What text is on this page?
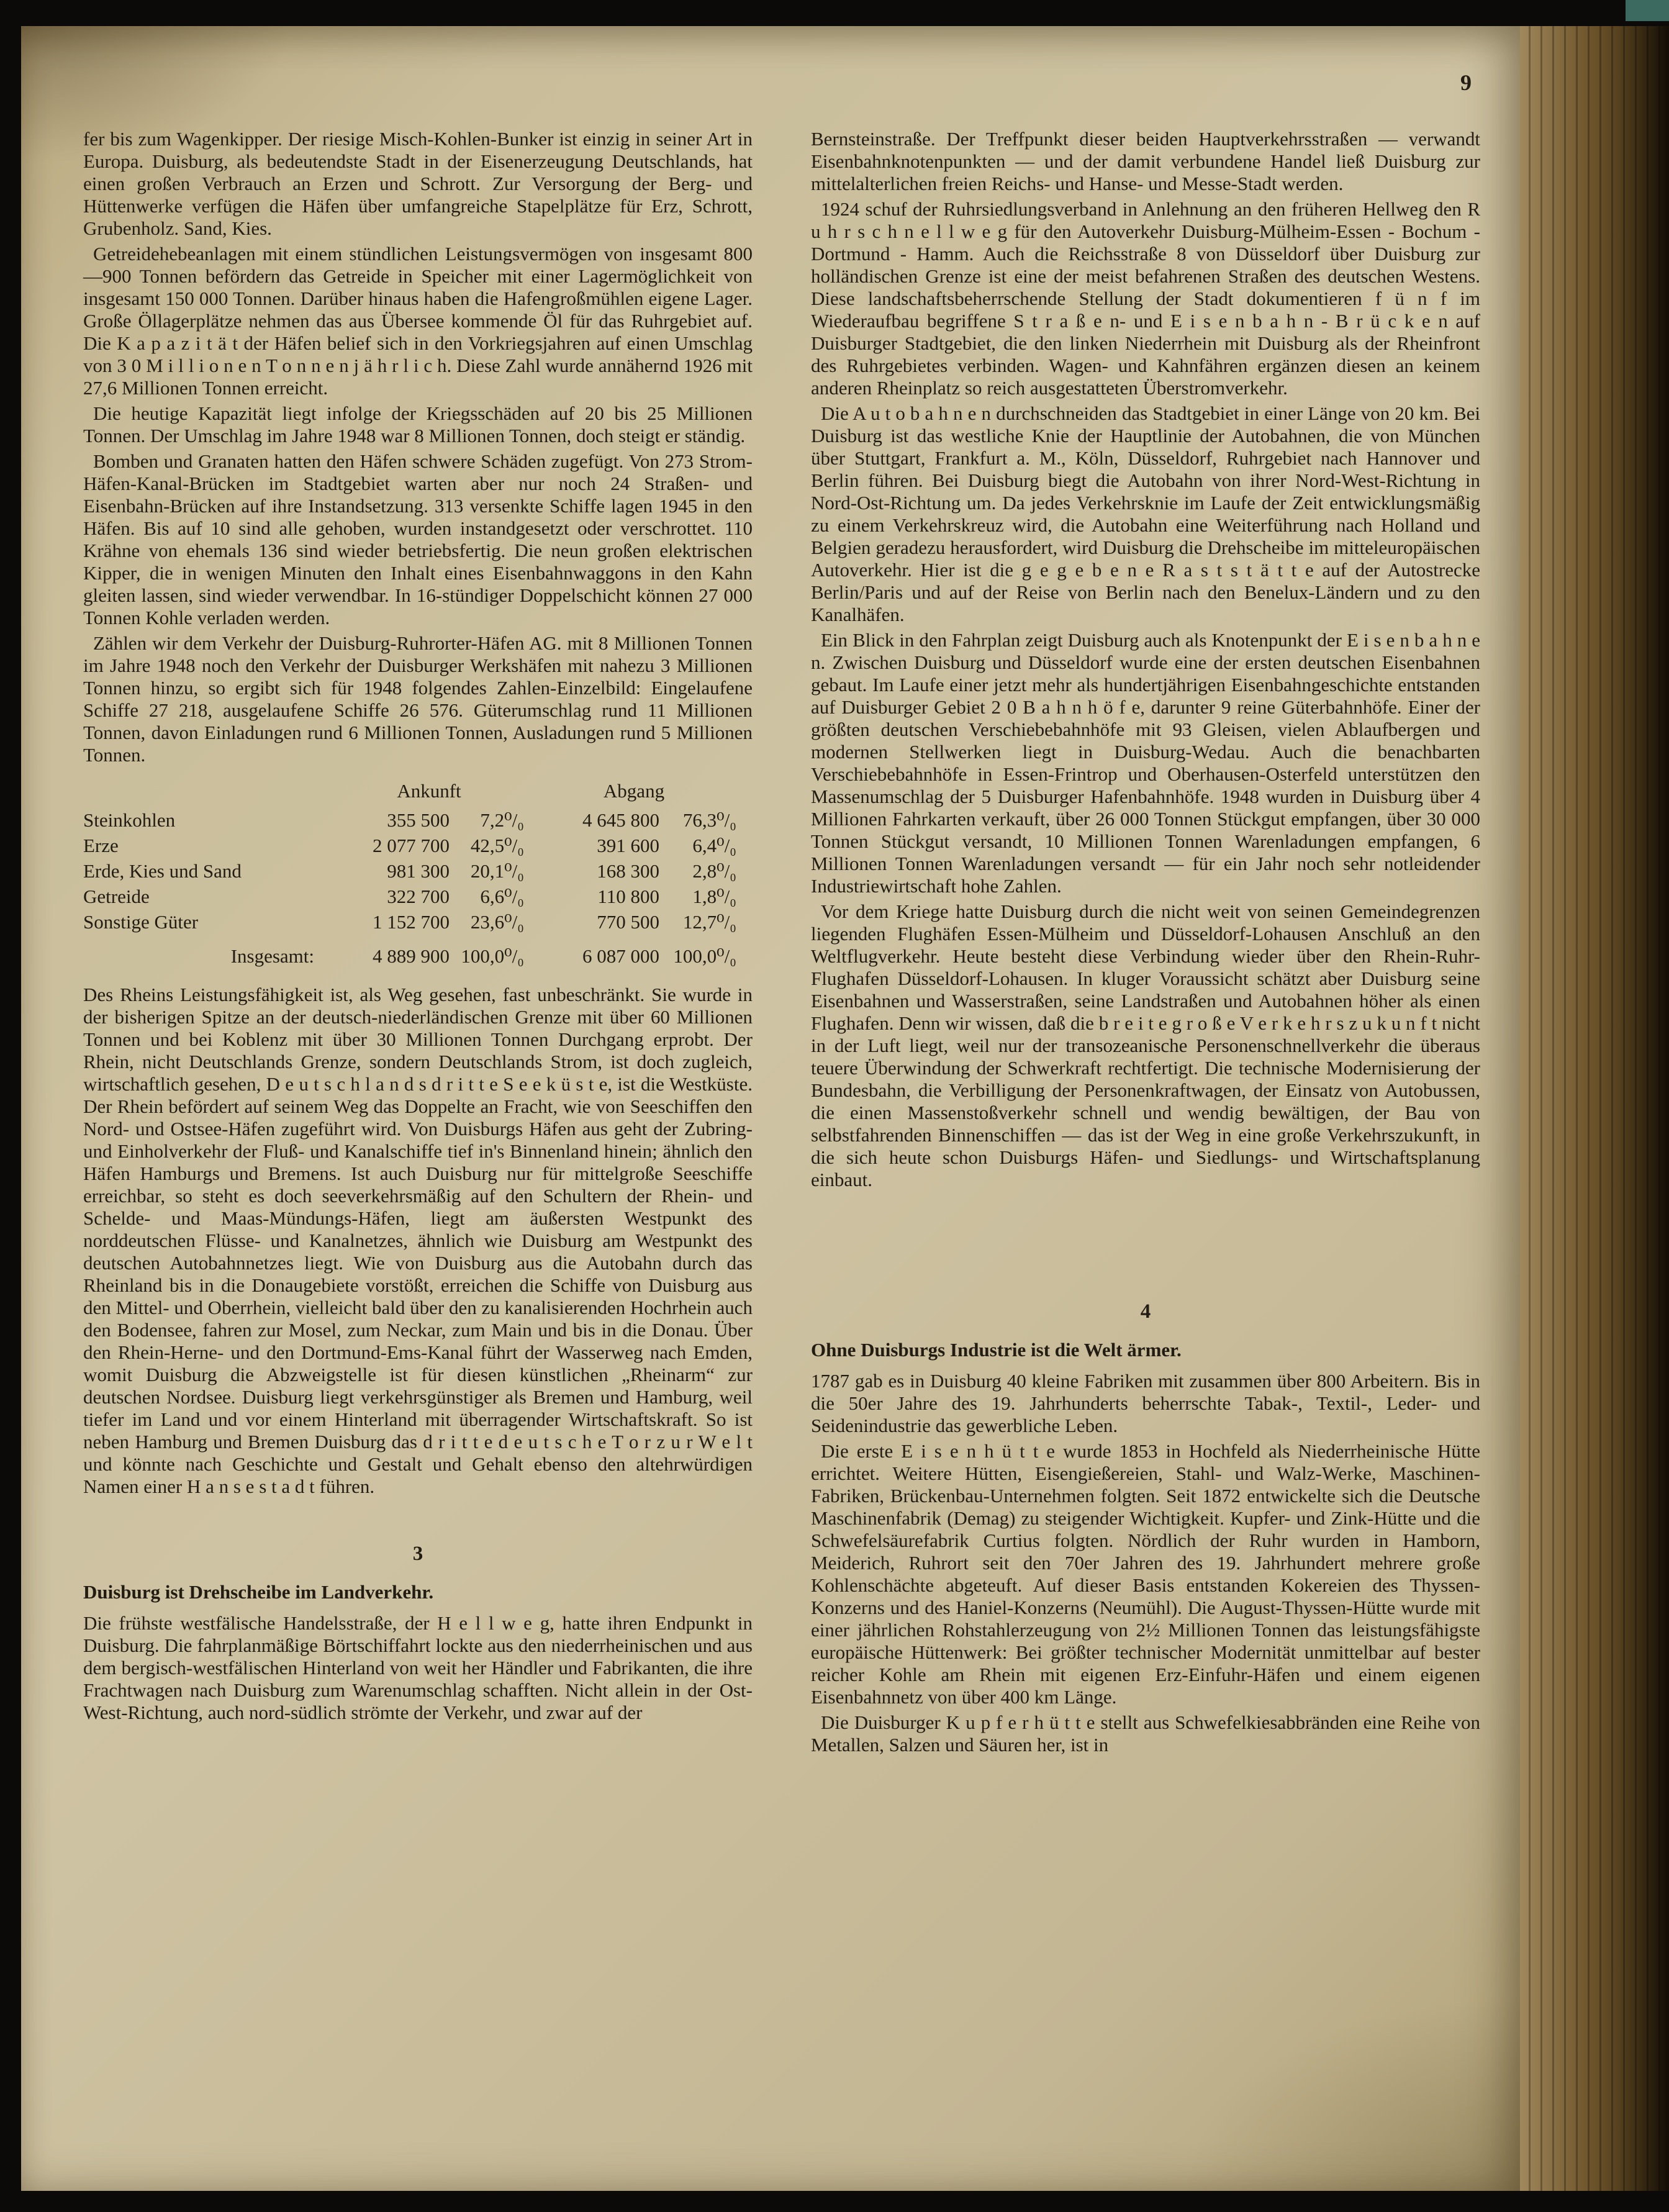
9

fer bis zum Wagenkipper. Der riesige Misch-Kohlen-Bunker ist einzig in seiner Art in Europa. Duisburg, als bedeutendste Stadt in der Eisenerzeugung Deutschlands, hat einen großen Verbrauch an Erzen und Schrott. Zur Versorgung der Berg- und Hüttenwerke verfügen die Häfen über umfangreiche Stapelplätze für Erz, Schrott, Grubenholz. Sand, Kies.

Getreidehebeanlagen mit einem stündlichen Leistungsvermögen von insgesamt 800—900 Tonnen befördern das Getreide in Speicher mit einer Lagermöglichkeit von insgesamt 150 000 Tonnen. Darüber hinaus haben die Hafengroßmühlen eigene Lager. Große Öllagerplätze nehmen das aus Übersee kommende Öl für das Ruhrgebiet auf. Die K a p a z i t ä t der Häfen belief sich in den Vorkriegsjahren auf einen Umschlag von 3 0 M i l l i o n e n T o n n e n j ä h r l i c h. Diese Zahl wurde annähernd 1926 mit 27,6 Millionen Tonnen erreicht.

Die heutige Kapazität liegt infolge der Kriegsschäden auf 20 bis 25 Millionen Tonnen. Der Umschlag im Jahre 1948 war 8 Millionen Tonnen, doch steigt er ständig.

Bomben und Granaten hatten den Häfen schwere Schäden zugefügt. Von 273 Strom-Häfen-Kanal-Brücken im Stadtgebiet warten aber nur noch 24 Straßen- und Eisenbahn-Brücken auf ihre Instandsetzung. 313 versenkte Schiffe lagen 1945 in den Häfen. Bis auf 10 sind alle gehoben, wurden instandgesetzt oder verschrottet. 110 Krähne von ehemals 136 sind wieder betriebsfertig. Die neun großen elektrischen Kipper, die in wenigen Minuten den Inhalt eines Eisenbahnwaggons in den Kahn gleiten lassen, sind wieder verwendbar. In 16-stündiger Doppelschicht können 27 000 Tonnen Kohle verladen werden.

Zählen wir dem Verkehr der Duisburg-Ruhrorter-Häfen AG. mit 8 Millionen Tonnen im Jahre 1948 noch den Verkehr der Duisburger Werkshäfen mit nahezu 3 Millionen Tonnen hinzu, so ergibt sich für 1948 folgendes Zahlen-Einzelbild: Eingelaufene Schiffe 27 218, ausgelaufene Schiffe 26 576. Güterumschlag rund 11 Millionen Tonnen, davon Einladungen rund 6 Millionen Tonnen, Ausladungen rund 5 Millionen Tonnen.

Ankunft	Abgang
Steinkohlen	355 500	7,2⁰/₀	4 645 800	76,3⁰/₀
Erze	2 077 700	42,5⁰/₀	391 600	6,4⁰/₀
Erde, Kies und Sand	981 300	20,1⁰/₀	168 300	2,8⁰/₀
Getreide	322 700	6,6⁰/₀	110 800	1,8⁰/₀
Sonstige Güter	1 152 700	23,6⁰/₀	770 500	12,7⁰/₀
Insgesamt:	4 889 900 100,0⁰/₀	6 087 000 100,0⁰/₀

Des Rheins Leistungsfähigkeit ist, als Weg gesehen, fast unbeschränkt. Sie wurde in der bisherigen Spitze an der deutsch-niederländischen Grenze mit über 60 Millionen Tonnen und bei Koblenz mit über 30 Millionen Tonnen Durchgang erprobt. Der Rhein, nicht Deutschlands Grenze, sondern Deutschlands Strom, ist doch zugleich, wirtschaftlich gesehen, D e u t s c h l a n d s d r i t t e S e e k ü s t e, ist die Westküste. Der Rhein befördert auf seinem Weg das Doppelte an Fracht, wie von Seeschiffen den Nord- und Ostsee-Häfen zugeführt wird. Von Duisburgs Häfen aus geht der Zubring- und Einholverkehr der Fluß- und Kanalschiffe tief in's Binnenland hinein; ähnlich den Häfen Hamburgs und Bremens. Ist auch Duisburg nur für mittelgroße Seeschiffe erreichbar, so steht es doch seeverkehrsmäßig auf den Schultern der Rhein- und Schelde- und Maas-Mündungs-Häfen, liegt am äußersten Westpunkt des norddeutschen Flüsse- und Kanalnetzes, ähnlich wie Duisburg am Westpunkt des deutschen Autobahnnetzes liegt. Wie von Duisburg aus die Autobahn durch das Rheinland bis in die Donaugebiete vorstößt, erreichen die Schiffe von Duisburg aus den Mittel- und Oberrhein, vielleicht bald über den zu kanalisierenden Hochrhein auch den Bodensee, fahren zur Mosel, zum Neckar, zum Main und bis in die Donau. Über den Rhein-Herne- und den Dortmund-Ems-Kanal führt der Wasserweg nach Emden, womit Duisburg die Abzweigstelle ist für diesen künstlichen „Rheinarm“ zur deutschen Nordsee. Duisburg liegt verkehrsgünstiger als Bremen und Hamburg, weil tiefer im Land und vor einem Hinterland mit überragender Wirtschaftskraft. So ist neben Hamburg und Bremen Duisburg das d r i t t e d e u t s c h e T o r z u r W e l t und könnte nach Geschichte und Gestalt und Gehalt ebenso den altehrwürdigen Namen einer H a n s e s t a d t führen.

3
Duisburg ist Drehscheibe im Landverkehr.

Die frühste westfälische Handelsstraße, der H e l l w e g, hatte ihren Endpunkt in Duisburg. Die fahrplanmäßige Börtschiffahrt lockte aus den niederrheinischen und aus dem bergisch-westfälischen Hinterland von weit her Händler und Fabrikanten, die ihre Frachtwagen nach Duisburg zum Warenumschlag schafften. Nicht allein in der Ost-West-Richtung, auch nord-südlich strömte der Verkehr, und zwar auf der

Bernsteinstraße. Der Treffpunkt dieser beiden Hauptverkehrsstraßen — verwandt Eisenbahnknotenpunkten — und der damit verbundene Handel ließ Duisburg zur mittelalterlichen freien Reichs- und Hanse- und Messe-Stadt werden.

1924 schuf der Ruhrsiedlungsverband in Anlehnung an den früheren Hellweg den R u h r s c h n e l l w e g für den Autoverkehr Duisburg-Mülheim-Essen - Bochum - Dortmund - Hamm. Auch die Reichsstraße 8 von Düsseldorf über Duisburg zur holländischen Grenze ist eine der meist befahrenen Straßen des deutschen Westens. Diese landschaftsbeherrschende Stellung der Stadt dokumentieren f ü n f im Wiederaufbau begriffene S t r a ß e n- und E i s e n b a h n - B r ü c k e n auf Duisburger Stadtgebiet, die den linken Niederrhein mit Duisburg als der Rheinfront des Ruhrgebietes verbinden. Wagen- und Kahnfähren ergänzen diesen an keinem anderen Rheinplatz so reich ausgestatteten Überstromverkehr.

Die A u t o b a h n e n durchschneiden das Stadtgebiet in einer Länge von 20 km. Bei Duisburg ist das westliche Knie der Hauptlinie der Autobahnen, die von München über Stuttgart, Frankfurt a. M., Köln, Düsseldorf, Ruhrgebiet nach Hannover und Berlin führen. Bei Duisburg biegt die Autobahn von ihrer Nord-West-Richtung in Nord-Ost-Richtung um. Da jedes Verkehrsknie im Laufe der Zeit entwicklungsmäßig zu einem Verkehrskreuz wird, die Autobahn eine Weiterführung nach Holland und Belgien geradezu herausfordert, wird Duisburg die Drehscheibe im mitteleuropäischen Autoverkehr. Hier ist die g e g e b e n e R a s t s t ä t t e auf der Autostrecke Berlin/Paris und auf der Reise von Berlin nach den Benelux-Ländern und zu den Kanalhäfen.

Ein Blick in den Fahrplan zeigt Duisburg auch als Knotenpunkt der E i s e n b a h n e n. Zwischen Duisburg und Düsseldorf wurde eine der ersten deutschen Eisenbahnen gebaut. Im Laufe einer jetzt mehr als hundertjährigen Eisenbahngeschichte entstanden auf Duisburger Gebiet 2 0 B a h n h ö f e, darunter 9 reine Güterbahnhöfe. Einer der größten deutschen Verschiebebahnhöfe mit 93 Gleisen, vielen Ablaufbergen und modernen Stellwerken liegt in Duisburg-Wedau. Auch die benachbarten Verschiebebahnhöfe in Essen-Frintrop und Oberhausen-Osterfeld unterstützen den Massenumschlag der 5 Duisburger Hafenbahnhöfe. 1948 wurden in Duisburg über 4 Millionen Fahrkarten verkauft, über 26 000 Tonnen Stückgut empfangen, über 30 000 Tonnen Stückgut versandt, 10 Millionen Tonnen Warenladungen empfangen, 6 Millionen Tonnen Warenladungen versandt — für ein Jahr noch sehr notleidender Industriewirtschaft hohe Zahlen.

Vor dem Kriege hatte Duisburg durch die nicht weit von seinen Gemeindegrenzen liegenden Flughäfen Essen-Mülheim und Düsseldorf-Lohausen Anschluß an den Weltflugverkehr. Heute besteht diese Verbindung wieder über den Rhein-Ruhr-Flughafen Düsseldorf-Lohausen. In kluger Voraussicht schätzt aber Duisburg seine Eisenbahnen und Wasserstraßen, seine Landstraßen und Autobahnen höher als einen Flughafen. Denn wir wissen, daß die b r e i t e g r o ß e V e r k e h r s z u k u n f t nicht in der Luft liegt, weil nur der transozeanische Personenschnellverkehr die überaus teuere Überwindung der Schwerkraft rechtfertigt. Die technische Modernisierung der Bundesbahn, die Verbilligung der Personenkraftwagen, der Einsatz von Autobussen, die einen Massenstoßverkehr schnell und wendig bewältigen, der Bau von selbstfahrenden Binnenschiffen — das ist der Weg in eine große Verkehrszukunft, in die sich heute schon Duisburgs Häfen- und Siedlungs- und Wirtschaftsplanung einbaut.

4
Ohne Duisburgs Industrie ist die Welt ärmer.

1787 gab es in Duisburg 40 kleine Fabriken mit zusammen über 800 Arbeitern. Bis in die 50er Jahre des 19. Jahrhunderts beherrschte Tabak-, Textil-, Leder- und Seidenindustrie das gewerbliche Leben.

Die erste E i s e n h ü t t e wurde 1853 in Hochfeld als Niederrheinische Hütte errichtet. Weitere Hütten, Eisengießereien, Stahl- und Walz-Werke, Maschinen-Fabriken, Brückenbau-Unternehmen folgten. Seit 1872 entwickelte sich die Deutsche Maschinenfabrik (Demag) zu steigender Wichtigkeit. Kupfer- und Zink-Hütte und die Schwefelsäurefabrik Curtius folgten. Nördlich der Ruhr wurden in Hamborn, Meiderich, Ruhrort seit den 70er Jahren des 19. Jahrhundert mehrere große Kohlenschächte abgeteuft. Auf dieser Basis entstanden Kokereien des Thyssen-Konzerns und des Haniel-Konzerns (Neumühl). Die August-Thyssen-Hütte wurde mit einer jährlichen Rohstahlerzeugung von 2½ Millionen Tonnen das leistungsfähigste europäische Hüttenwerk: Bei größter technischer Modernität unmittelbar auf bester reicher Kohle am Rhein mit eigenen Erz-Einfuhr-Häfen und einem eigenen Eisenbahnnetz von über 400 km Länge.

Die Duisburger K u p f e r h ü t t e stellt aus Schwefelkiesabbränden eine Reihe von Metallen, Salzen und Säuren her, ist in
